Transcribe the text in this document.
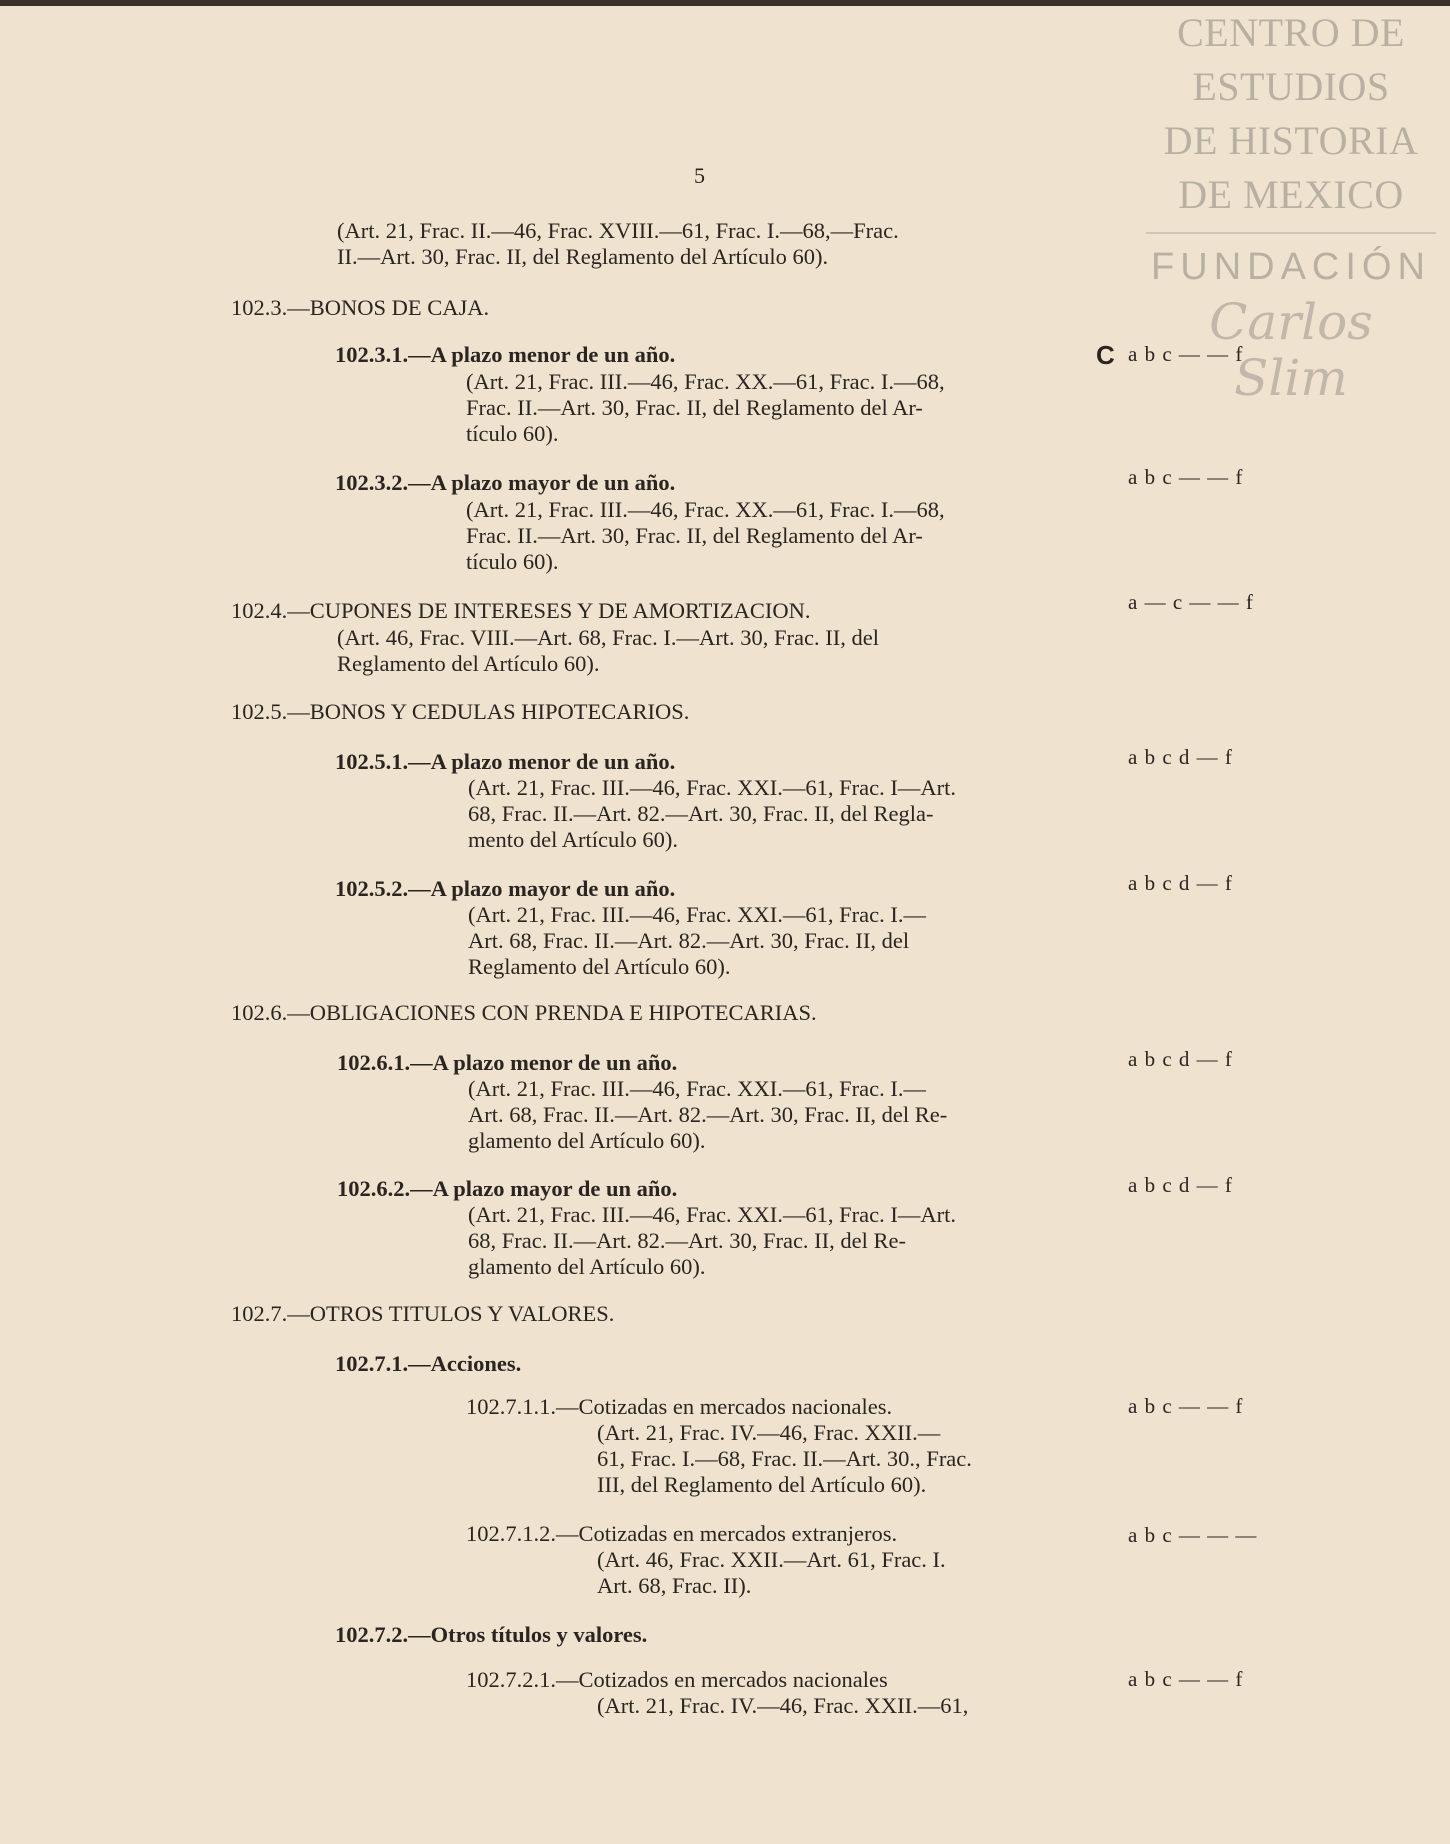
CENTRO DE
ESTUDIOS
DE HISTORIA
DE MEXICO
FUNDACIÓN
Carlos Slim
5
(Art. 21, Frac. II.—46, Frac. XVIII.—61, Frac. I.—68,—Frac.
II.—Art. 30, Frac. II, del Reglamento del Artículo 60).
102.3.—BONOS DE CAJA.
102.3.1.—A plazo menor de un año.
(Art. 21, Frac. III.—46, Frac. XX.—61, Frac. I.—68,
Frac. II.—Art. 30, Frac. II, del Reglamento del Ar-
tículo 60).
102.3.2.—A plazo mayor de un año.
(Art. 21, Frac. III.—46, Frac. XX.—61, Frac. I.—68,
Frac. II.—Art. 30, Frac. II, del Reglamento del Ar-
tículo 60).
102.4.—CUPONES DE INTERESES Y DE AMORTIZACION.
(Art. 46, Frac. VIII.—Art. 68, Frac. I.—Art. 30, Frac. II, del
Reglamento del Artículo 60).
102.5.—BONOS Y CEDULAS HIPOTECARIOS.
102.5.1.—A plazo menor de un año.
(Art. 21, Frac. III.—46, Frac. XXI.—61, Frac. I—Art.
68, Frac. II.—Art. 82.—Art. 30, Frac. II, del Regla-
mento del Artículo 60).
102.5.2.—A plazo mayor de un año.
(Art. 21, Frac. III.—46, Frac. XXI.—61, Frac. I.—
Art. 68, Frac. II.—Art. 82.—Art. 30, Frac. II, del
Reglamento del Artículo 60).
102.6.—OBLIGACIONES CON PRENDA E HIPOTECARIAS.
102.6.1.—A plazo menor de un año.
(Art. 21, Frac. III.—46, Frac. XXI.—61, Frac. I.—
Art. 68, Frac. II.—Art. 82.—Art. 30, Frac. II, del Re-
glamento del Artículo 60).
102.6.2.—A plazo mayor de un año.
(Art. 21, Frac. III.—46, Frac. XXI.—61, Frac. I—Art.
68, Frac. II.—Art. 82.—Art. 30, Frac. II, del Re-
glamento del Artículo 60).
102.7.—OTROS TITULOS Y VALORES.
102.7.1.—Acciones.
102.7.1.1.—Cotizadas en mercados nacionales.
(Art. 21, Frac. IV.—46, Frac. XXII.—
61, Frac. I.—68, Frac. II.—Art. 30., Frac.
III, del Reglamento del Artículo 60).
102.7.1.2.—Cotizadas en mercados extranjeros.
(Art. 46, Frac. XXII.—Art. 61, Frac. I.
Art. 68, Frac. II).
102.7.2.—Otros títulos y valores.
102.7.2.1.—Cotizados en mercados nacionales
(Art. 21, Frac. IV.—46, Frac. XXII.—61,
C a b c — — f
a b c — — f
a — c — — f
a b c d — f
a b c d — f
a b c d — f
a b c d — f
a b c — — f
a b c — — —
a b c — — f
